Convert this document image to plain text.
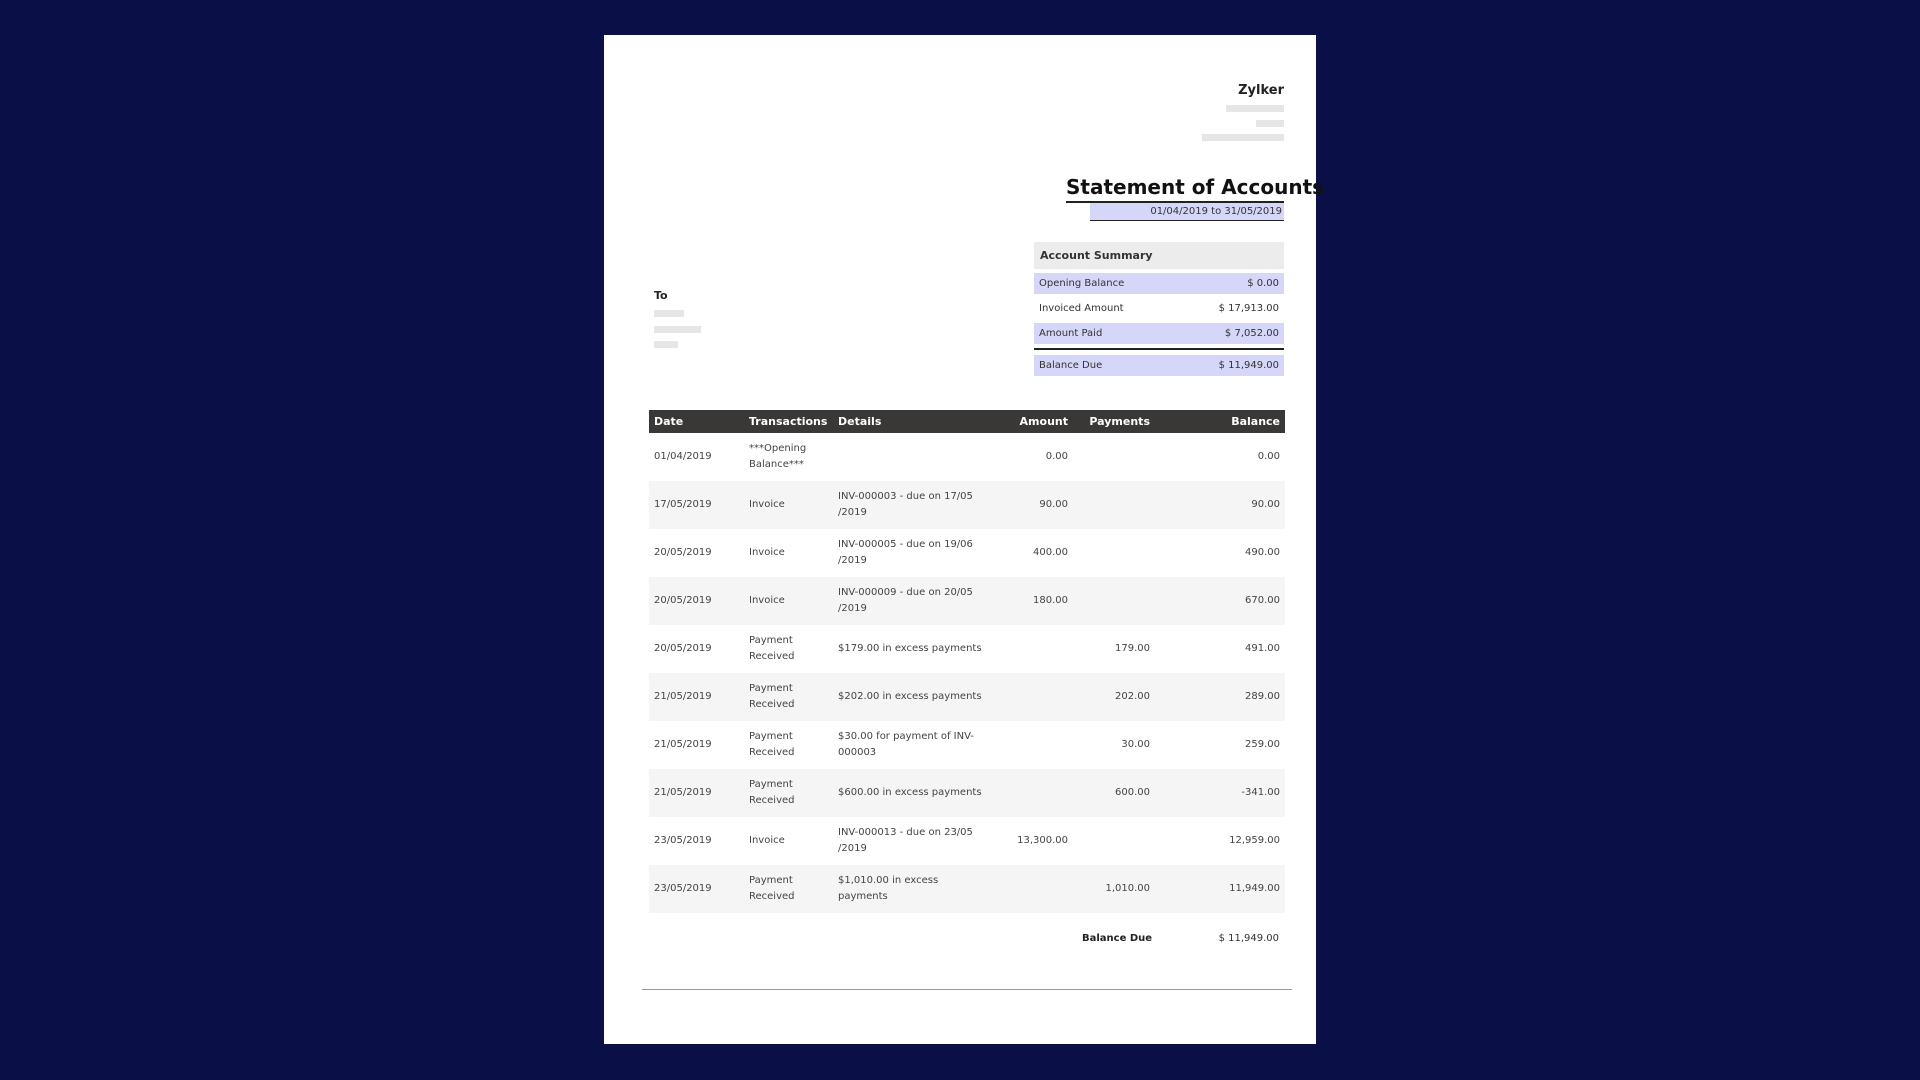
Zylker
Statement of Accounts
01/04/2019 to 31/05/2019
Account Summary
Opening Balance	$ 0.00
Invoiced Amount	$ 17,913.00
Amount Paid	$ 7,052.00
Balance Due	$ 11,949.00
To
Date	Transactions	Details	Amount	Payments	Balance
01/04/2019	***Opening Balance***		0.00		0.00
17/05/2019	Invoice	INV-000003 - due on 17/05 /2019	90.00		90.00
20/05/2019	Invoice	INV-000005 - due on 19/06 /2019	400.00		490.00
20/05/2019	Invoice	INV-000009 - due on 20/05 /2019	180.00		670.00
20/05/2019	Payment Received	$179.00 in excess payments		179.00	491.00
21/05/2019	Payment Received	$202.00 in excess payments		202.00	289.00
21/05/2019	Payment Received	$30.00 for payment of INV-000003		30.00	259.00
21/05/2019	Payment Received	$600.00 in excess payments		600.00	-341.00
23/05/2019	Invoice	INV-000013 - due on 23/05 /2019	13,300.00		12,959.00
23/05/2019	Payment Received	$1,010.00 in excess payments		1,010.00	11,949.00
Balance Due	$ 11,949.00
